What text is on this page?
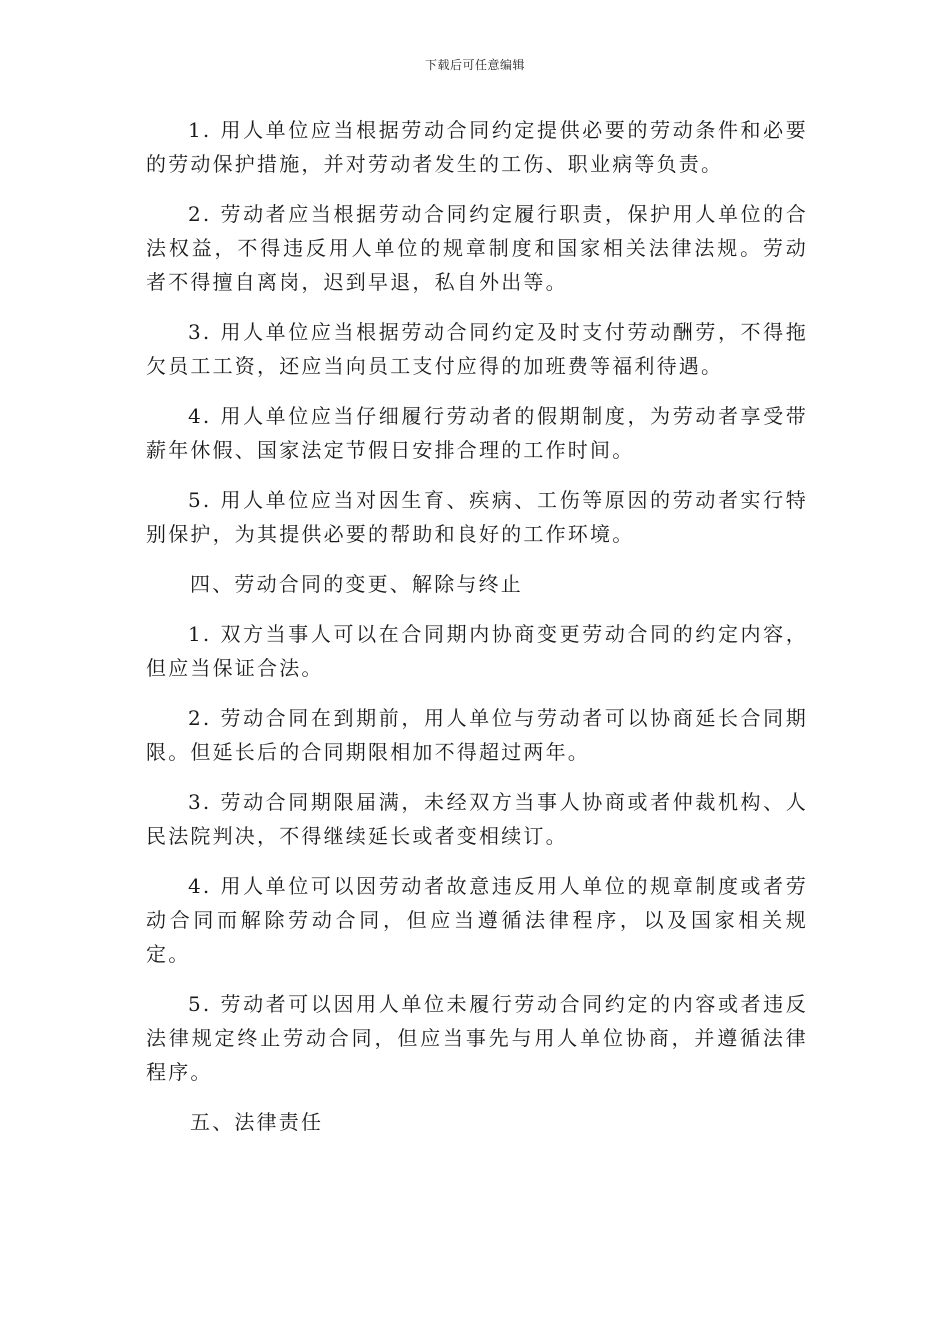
下载后可任意编辑

1. 用人单位应当根据劳动合同约定提供必要的劳动条件和必要的劳动保护措施，并对劳动者发生的工伤、职业病等负责。

2. 劳动者应当根据劳动合同约定履行职责，保护用人单位的合法权益，不得违反用人单位的规章制度和国家相关法律法规。劳动者不得擅自离岗，迟到早退，私自外出等。

3. 用人单位应当根据劳动合同约定及时支付劳动酬劳，不得拖欠员工工资，还应当向员工支付应得的加班费等福利待遇。

4. 用人单位应当仔细履行劳动者的假期制度，为劳动者享受带薪年休假、国家法定节假日安排合理的工作时间。

5. 用人单位应当对因生育、疾病、工伤等原因的劳动者实行特别保护，为其提供必要的帮助和良好的工作环境。

四、劳动合同的变更、解除与终止

1. 双方当事人可以在合同期内协商变更劳动合同的约定内容，但应当保证合法。

2. 劳动合同在到期前，用人单位与劳动者可以协商延长合同期限。但延长后的合同期限相加不得超过两年。

3. 劳动合同期限届满，未经双方当事人协商或者仲裁机构、人民法院判决，不得继续延长或者变相续订。

4. 用人单位可以因劳动者故意违反用人单位的规章制度或者劳动合同而解除劳动合同，但应当遵循法律程序，以及国家相关规定。

5. 劳动者可以因用人单位未履行劳动合同约定的内容或者违反法律规定终止劳动合同，但应当事先与用人单位协商，并遵循法律程序。

五、法律责任
